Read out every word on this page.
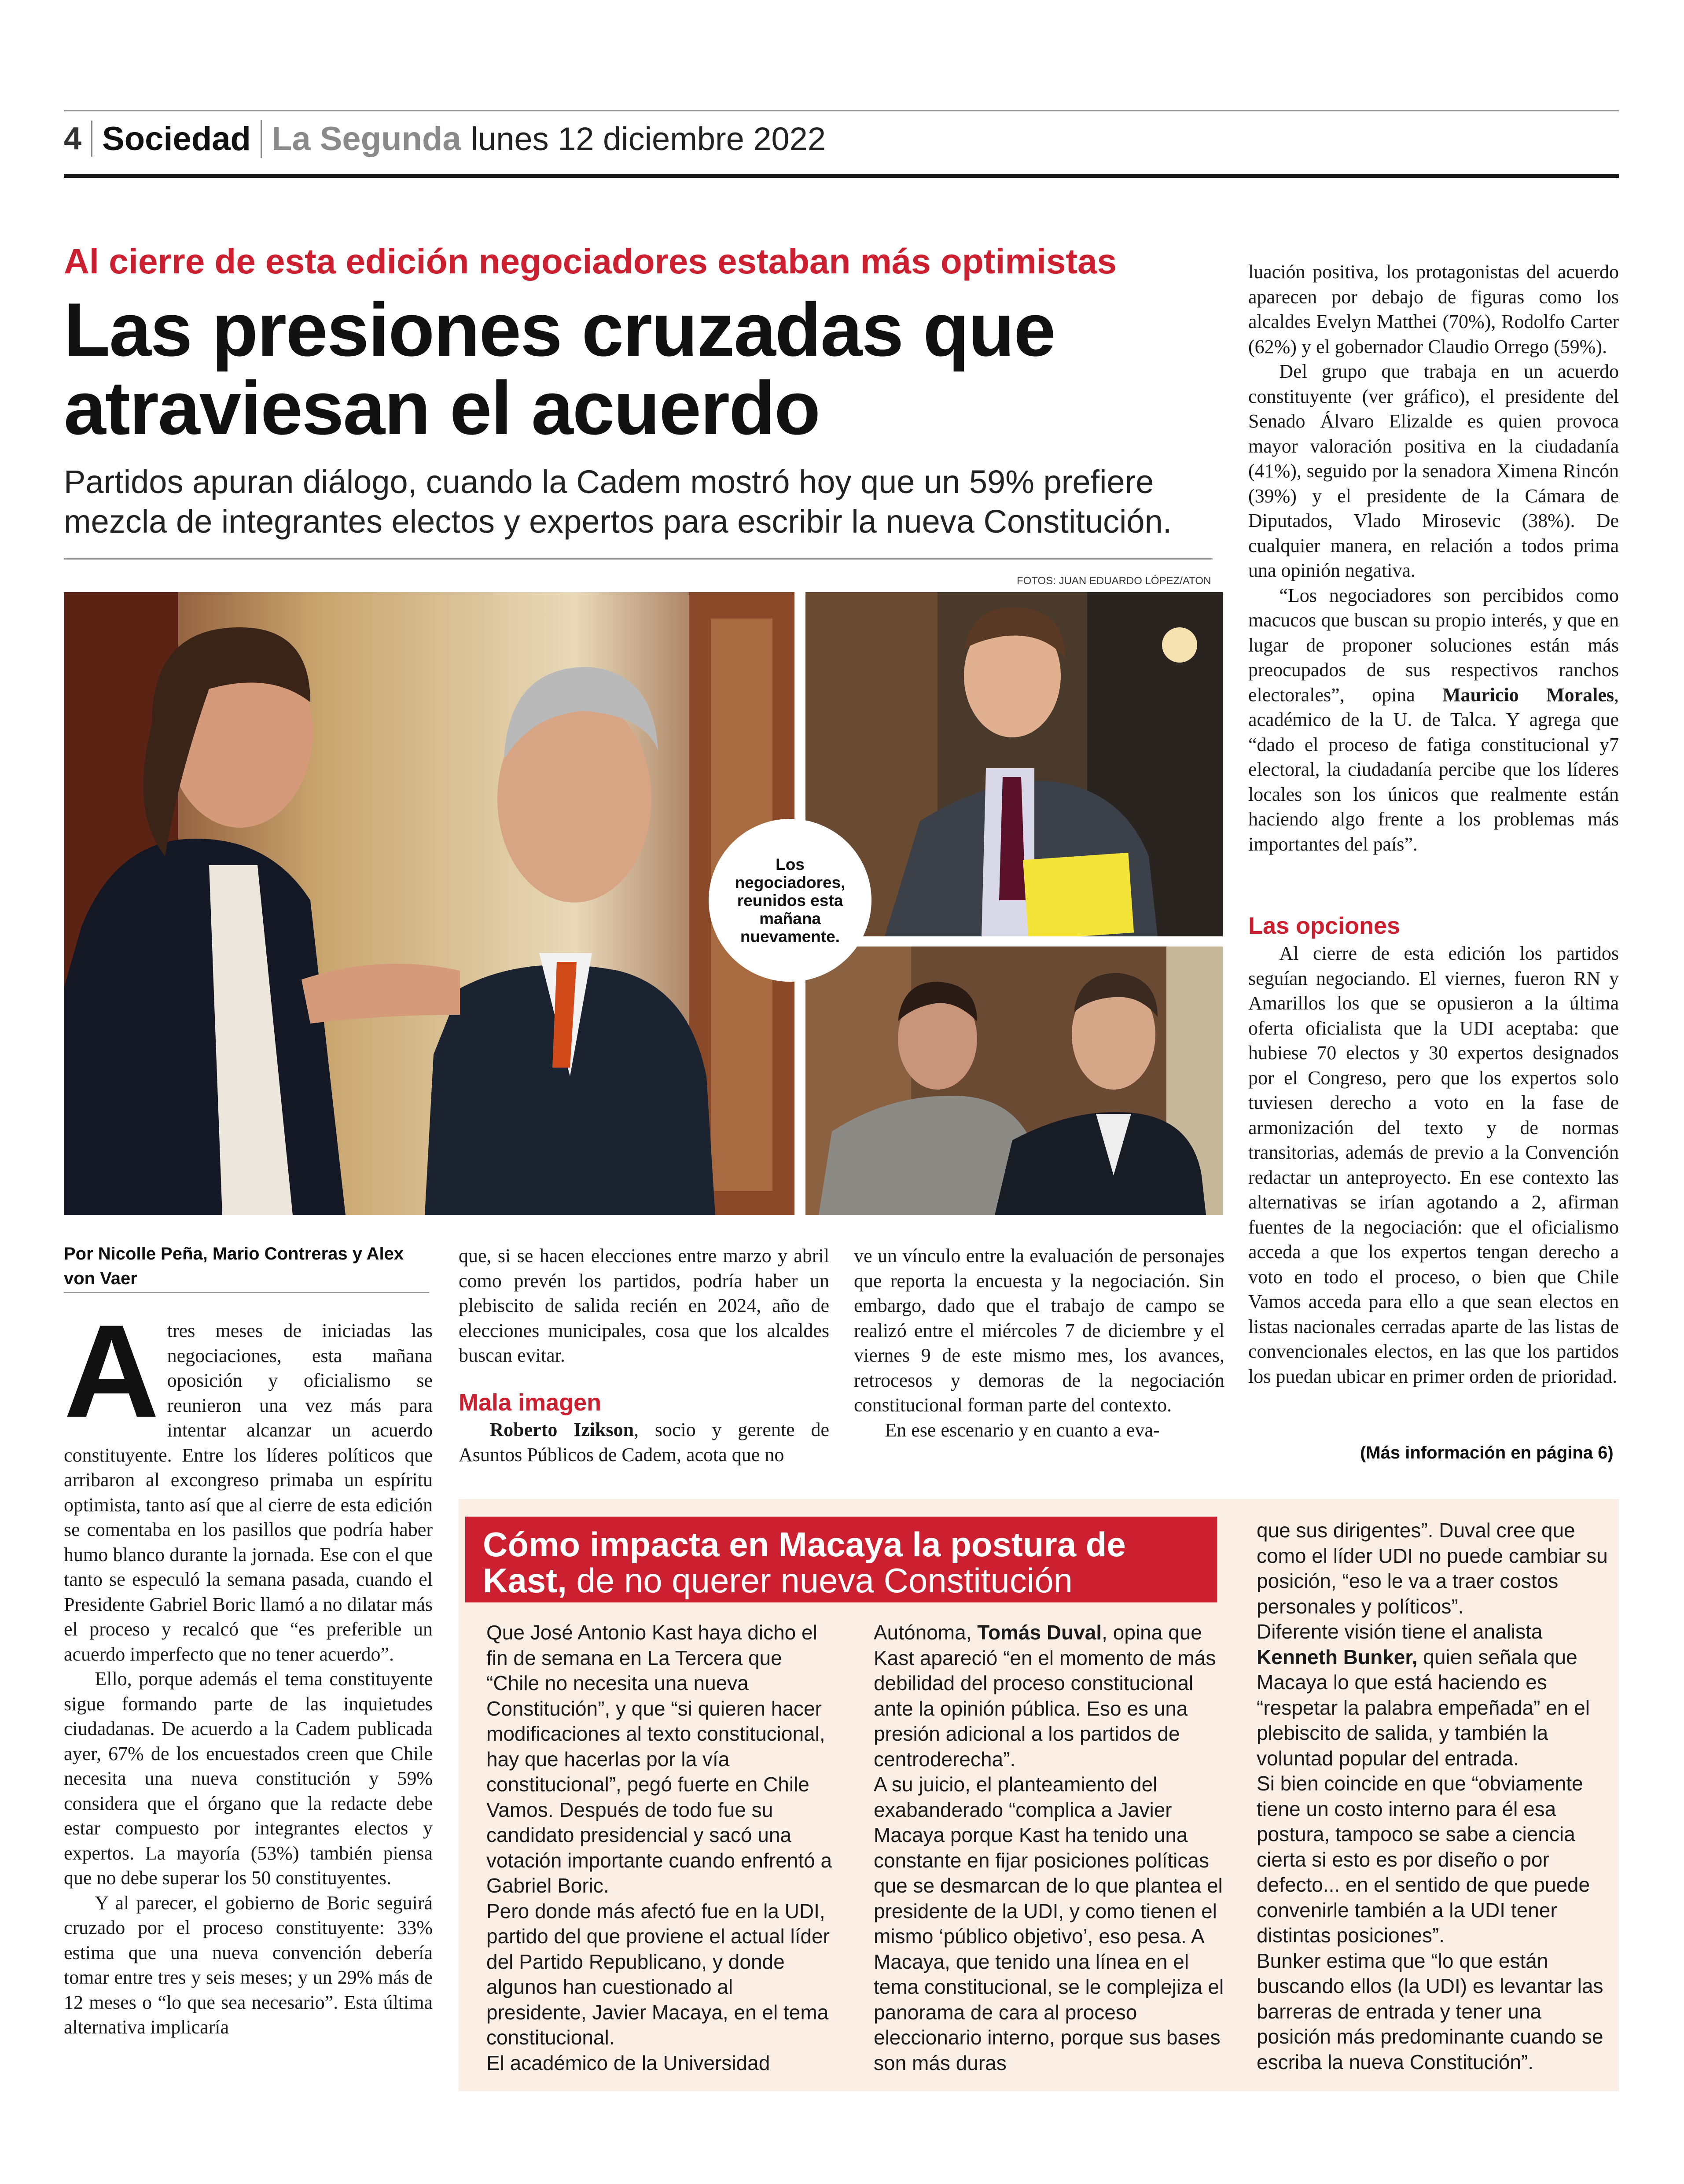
4 Sociedad La Segunda lunes 12 diciembre 2022
Al cierre de esta edición negociadores estaban más optimistas
Las presiones cruzadas que atraviesan el acuerdo
Partidos apuran diálogo, cuando la Cadem mostró hoy que un 59% prefiere mezcla de integrantes electos y expertos para escribir la nueva Constitución.
FOTOS: JUAN EDUARDO LÓPEZ/ATON
Los negociadores, reunidos esta mañana nuevamente.
Por Nicolle Peña, Mario Contreras y Alex von Vaer

Atres meses de iniciadas las negociaciones, esta mañana oposición y oficialismo se reunieron una vez más para intentar alcanzar un acuerdo constituyente. Entre los líderes políticos que arribaron al excongreso primaba un espíritu optimista, tanto así que al cierre de esta edición se comentaba en los pasillos que podría haber humo blanco durante la jornada. Ese con el que tanto se especuló la semana pasada, cuando el Presidente Gabriel Boric llamó a no dilatar más el proceso y recalcó que “es preferible un acuerdo imperfecto que no tener acuerdo”.

Ello, porque además el tema constituyente sigue formando parte de las inquietudes ciudadanas. De acuerdo a la Cadem publicada ayer, 67% de los encuestados creen que Chile necesita una nueva constitución y 59% considera que el órgano que la redacte debe estar compuesto por integrantes electos y expertos. La mayoría (53%) también piensa que no debe superar los 50 constituyentes.

Y al parecer, el gobierno de Boric seguirá cruzado por el proceso constituyente: 33% estima que una nueva convención debería tomar entre tres y seis meses; y un 29% más de 12 meses o “lo que sea necesario”. Esta última alternativa implicaría

que, si se hacen elecciones entre marzo y abril como prevén los partidos, podría haber un plebiscito de salida recién en 2024, año de elecciones municipales, cosa que los alcaldes buscan evitar.

Mala imagen

Roberto Izikson, socio y gerente de Asuntos Públicos de Cadem, acota que no

ve un vínculo entre la evaluación de personajes que reporta la encuesta y la negociación. Sin embargo, dado que el trabajo de campo se realizó entre el miércoles 7 de diciembre y el viernes 9 de este mismo mes, los avances, retrocesos y demoras de la negociación constitucional forman parte del contexto.

En ese escenario y en cuanto a eva-

luación positiva, los protagonistas del acuerdo aparecen por debajo de figuras como los alcaldes Evelyn Matthei (70%), Rodolfo Carter (62%) y el gobernador Claudio Orrego (59%).

Del grupo que trabaja en un acuerdo constituyente (ver gráfico), el presidente del Senado Álvaro Elizalde es quien provoca mayor valoración positiva en la ciudadanía (41%), seguido por la senadora Ximena Rincón (39%) y el presidente de la Cámara de Diputados, Vlado Mirosevic (38%). De cualquier manera, en relación a todos prima una opinión negativa.

“Los negociadores son percibidos como macucos que buscan su propio interés, y que en lugar de proponer soluciones están más preocupados de sus respectivos ranchos electorales”, opina Mauricio Morales, académico de la U. de Talca. Y agrega que “dado el proceso de fatiga constitucional y7 electoral, la ciudadanía percibe que los líderes locales son los únicos que realmente están haciendo algo frente a los problemas más importantes del país”.

Las opciones

Al cierre de esta edición los partidos seguían negociando. El viernes, fueron RN y Amarillos los que se opusieron a la última oferta oficialista que la UDI aceptaba: que hubiese 70 electos y 30 expertos designados por el Congreso, pero que los expertos solo tuviesen derecho a voto en la fase de armonización del texto y de normas transitorias, además de previo a la Convención redactar un anteproyecto. En ese contexto las alternativas se irían agotando a 2, afirman fuentes de la negociación: que el oficialismo acceda a que los expertos tengan derecho a voto en todo el proceso, o bien que Chile Vamos acceda para ello a que sean electos en listas nacionales cerradas aparte de las listas de convencionales electos, en las que los partidos los puedan ubicar en primer orden de prioridad.

(Más información en página 6)
Cómo impacta en Macaya la postura de
Kast, de no querer nueva Constitución

Que José Antonio Kast haya dicho el fin de semana en La Tercera que “Chile no necesita una nueva Constitución”, y que “si quieren hacer modificaciones al texto constitucional, hay que hacerlas por la vía constitucional”, pegó fuerte en Chile Vamos. Después de todo fue su candidato presidencial y sacó una votación importante cuando enfrentó a Gabriel Boric.

Pero donde más afectó fue en la UDI, partido del que proviene el actual líder del Partido Republicano, y donde algunos han cuestionado al presidente, Javier Macaya, en el tema constitucional.

El académico de la Universidad

Autónoma, Tomás Duval, opina que Kast apareció “en el momento de más debilidad del proceso constitucional ante la opinión pública. Eso es una presión adicional a los partidos de centroderecha”.

A su juicio, el planteamiento del exabanderado “complica a Javier Macaya porque Kast ha tenido una constante en fijar posiciones políticas que se desmarcan de lo que plantea el presidente de la UDI, y como tienen el mismo ‘público objetivo’, eso pesa. A Macaya, que tenido una línea en el tema constitucional, se le complejiza el panorama de cara al proceso eleccionario interno, porque sus bases son más duras

que sus dirigentes”. Duval cree que como el líder UDI no puede cambiar su posición, “eso le va a traer costos personales y políticos”.

Diferente visión tiene el analista Kenneth Bunker, quien señala que Macaya lo que está haciendo es “respetar la palabra empeñada” en el plebiscito de salida, y también la voluntad popular del entrada.

Si bien coincide en que “obviamente tiene un costo interno para él esa postura, tampoco se sabe a ciencia cierta si esto es por diseño o por defecto... en el sentido de que puede convenirle también a la UDI tener distintas posiciones”.

Bunker estima que “lo que están buscando ellos (la UDI) es levantar las barreras de entrada y tener una posición más predominante cuando se escriba la nueva Constitución”.
